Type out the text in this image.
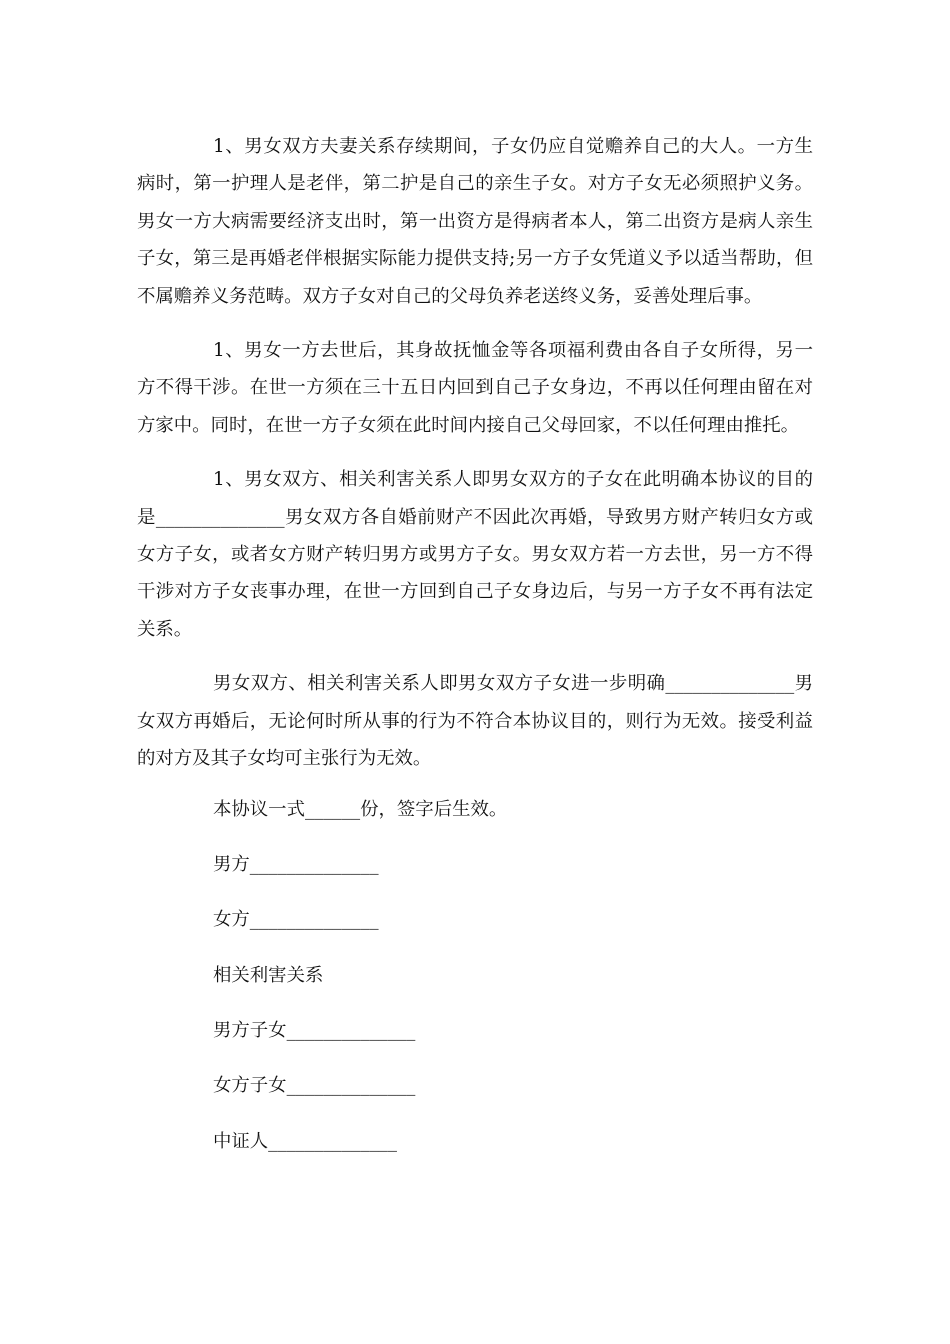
1、男女双方夫妻关系存续期间，子女仍应自觉赡养自己的大人。一方生病时，第一护理人是老伴，第二护是自己的亲生子女。对方子女无必须照护义务。男女一方大病需要经济支出时，第一出资方是得病者本人，第二出资方是病人亲生子女，第三是再婚老伴根据实际能力提供支持;另一方子女凭道义予以适当帮助，但不属赡养义务范畴。双方子女对自己的父母负养老送终义务，妥善处理后事。

1、男女一方去世后，其身故抚恤金等各项福利费由各自子女所得，另一方不得干涉。在世一方须在三十五日内回到自己子女身边，不再以任何理由留在对方家中。同时，在世一方子女须在此时间内接自己父母回家，不以任何理由推托。

1、男女双方、相关利害关系人即男女双方的子女在此明确本协议的目的是______________男女双方各自婚前财产不因此次再婚，导致男方财产转归女方或女方子女，或者女方财产转归男方或男方子女。男女双方若一方去世，另一方不得干涉对方子女丧事办理，在世一方回到自己子女身边后，与另一方子女不再有法定关系。

男女双方、相关利害关系人即男女双方子女进一步明确______________男女双方再婚后，无论何时所从事的行为不符合本协议目的，则行为无效。接受利益的对方及其子女均可主张行为无效。

本协议一式______份，签字后生效。
男方______________
女方______________
相关利害关系
男方子女______________
女方子女______________
中证人______________
